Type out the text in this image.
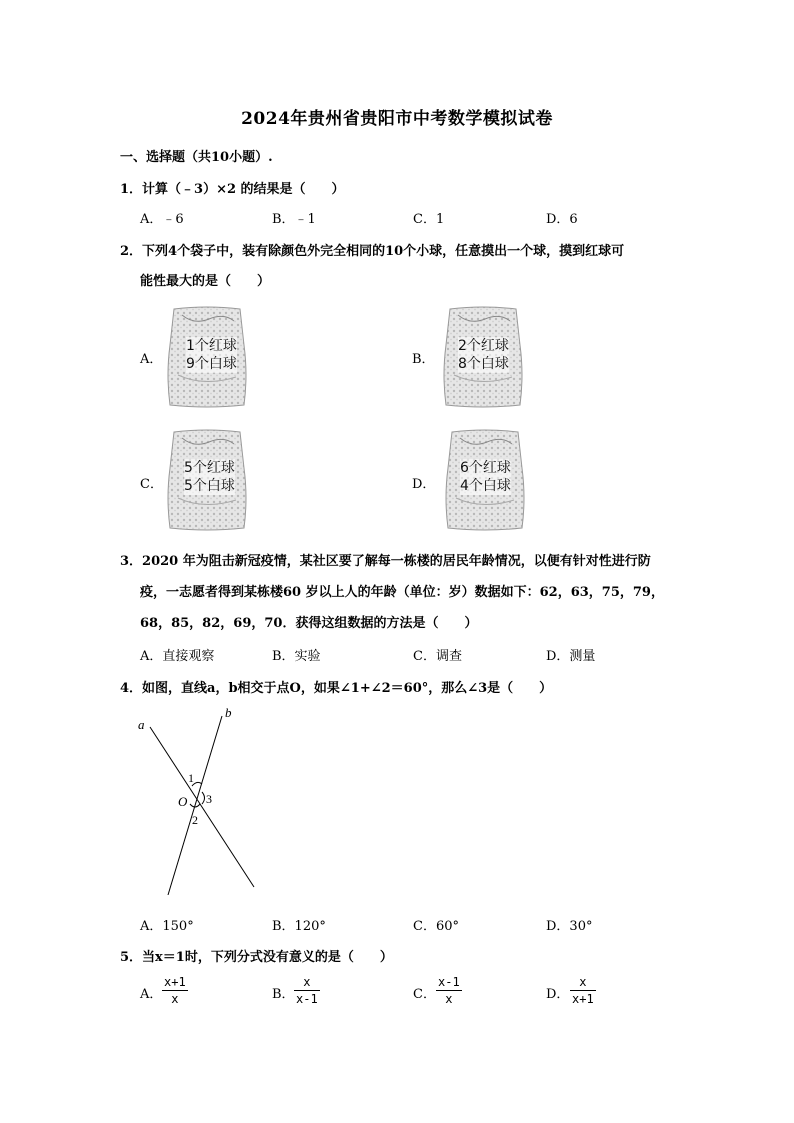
2024年贵州省贵阳市中考数学模拟试卷
一、选择题（共10小题）.
1．计算（﹣3）×2 的结果是（　　）
A．﹣6	B．﹣1	C．1	D．6
2．下列4个袋子中，装有除颜色外完全相同的10个小球，任意摸出一个球，摸到红球可
能性最大的是（　　）
A．
1个红球
9个白球	B．
2个红球
8个白球
C．
5个红球
5个白球	D．
6个红球
4个白球
3．2020 年为阻击新冠疫情，某社区要了解每一栋楼的居民年龄情况，以便有针对性进行防
疫，一志愿者得到某栋楼60 岁以上人的年龄（单位：岁）数据如下：62，63，75，79，
68，85，82，69，70．获得这组数据的方法是（　　）
A．直接观察	B．实验	C．调查	D．测量
4．如图，直线a，b相交于点O，如果∠1+∠2＝60°，那么∠3是（　　）
a
b
O
1
2
3
A．150°	B．120°	C．60°	D．30°
5．当x＝1时，下列分式没有意义的是（　　）
A．
x+1
x	B．
x
x-1	C．
x-1
x	D．
x
x+1
